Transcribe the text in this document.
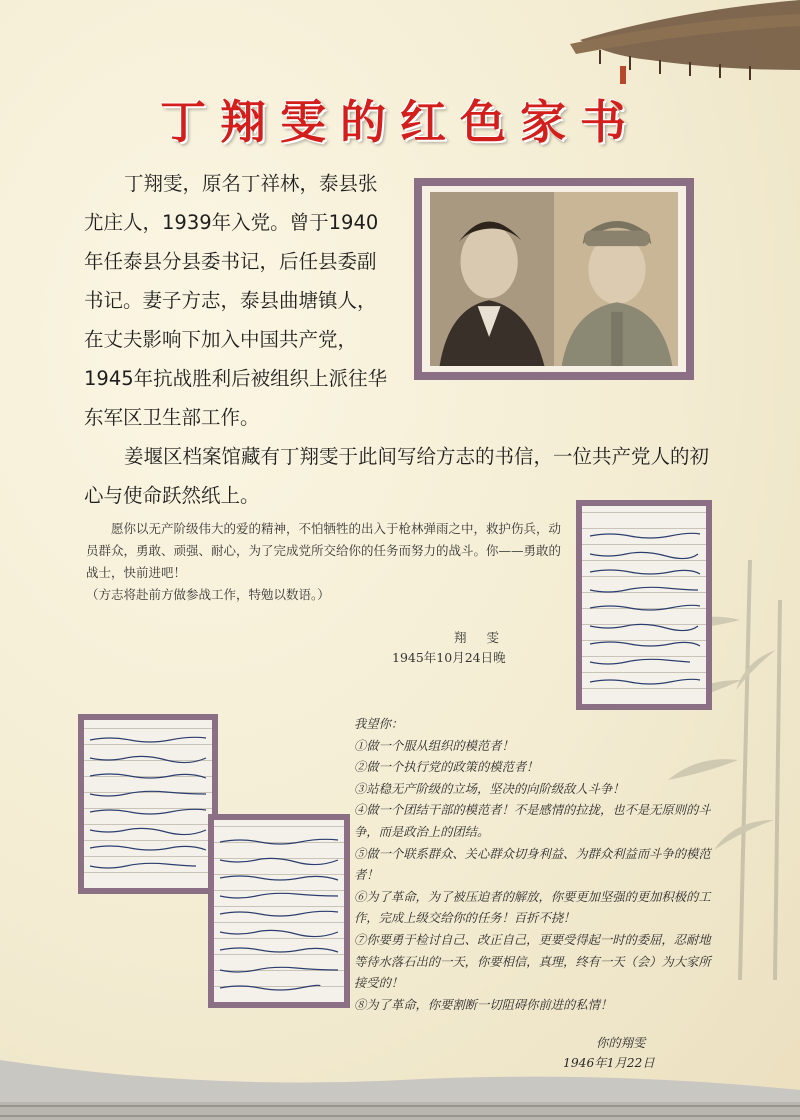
丁翔雯的红色家书
丁翔雯，原名丁祥林，泰县张尤庄人，1939年入党。曾于1940年任泰县分县委书记，后任县委副书记。妻子方志，泰县曲塘镇人，在丈夫影响下加入中国共产党，1945年抗战胜利后被组织上派往华东军区卫生部工作。
姜堰区档案馆藏有丁翔雯于此间写给方志的书信，一位共产党人的初心与使命跃然纸上。

愿你以无产阶级伟大的爱的精神，不怕牺牲的出入于枪林弹雨之中，救护伤兵，动员群众，勇敢、顽强、耐心，为了完成党所交给你的任务而努力的战斗。你——勇敢的战士，快前进吧！

（方志将赴前方做参战工作，特勉以数语。）

翔 雯
1945年10月24日晚

我望你：

①做一个服从组织的模范者！

②做一个执行党的政策的模范者！

③站稳无产阶级的立场，坚决的向阶级敌人斗争！

④做一个团结干部的模范者！不是感情的拉拢，也不是无原则的斗争，而是政治上的团结。

⑤做一个联系群众、关心群众切身利益、为群众利益而斗争的模范者！

⑥为了革命，为了被压迫者的解放，你要更加坚强的更加积极的工作，完成上级交给你的任务！百折不挠！

⑦你要勇于检讨自己、改正自己，更要受得起一时的委屈，忍耐地等待水落石出的一天，你要相信，真理，终有一天（会）为大家所接受的！

⑧为了革命，你要割断一切阻碍你前进的私情！

你的翔雯
1946年1月22日
